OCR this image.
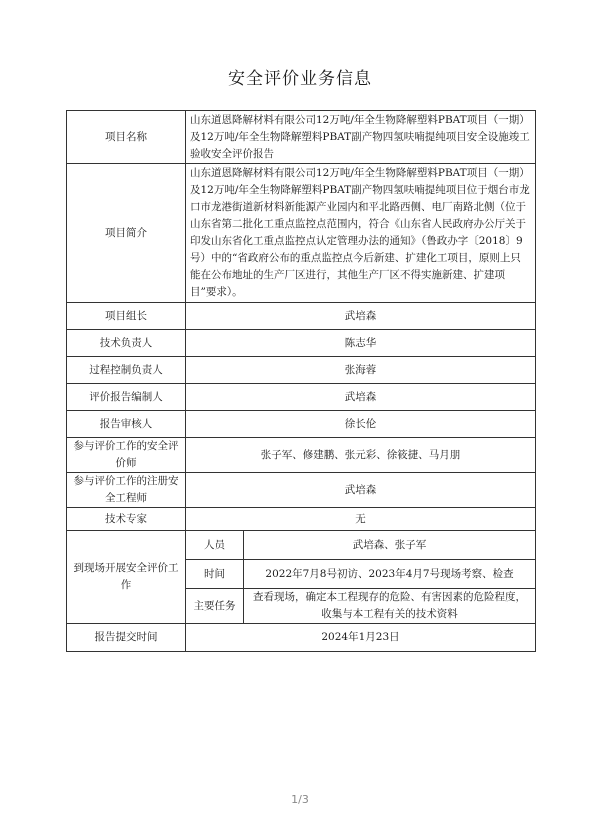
安全评价业务信息
项目名称	山东道恩降解材料有限公司12万吨/年全生物降解塑料PBAT项目（一期）及12万吨/年全生物降解塑料PBAT副产物四氢呋喃提纯项目安全设施竣工验收安全评价报告	
项目简介	山东道恩降解材料有限公司12万吨/年全生物降解塑料PBAT项目（一期）及12万吨/年全生物降解塑料PBAT副产物四氢呋喃提纯项目位于烟台市龙口市龙港街道新材料新能源产业园内和平北路西侧、电厂南路北侧（位于山东省第二批化工重点监控点范围内，符合《山东省人民政府办公厅关于印发山东省化工重点监控点认定管理办法的通知》（鲁政办字〔2018〕9号）中的“省政府公布的重点监控点今后新建、扩建化工项目，原则上只能在公布地址的生产厂区进行，其他生产厂区不得实施新建、扩建项目”要求）。	
项目组长	武培森	
技术负责人	陈志华	
过程控制负责人	张海蓉	
评价报告编制人	武培森	
报告审核人	徐长伦	
参与评价工作的安全评价师	张子军、修建鹏、张元彩、徐筱捷、马月朋	
参与评价工作的注册安全工程师	武培森	
技术专家	无	
到现场开展安全评价工作	人员	武培森、张子军
	时间	2022年7月8号初访、2023年4月7号现场考察、检查
	主要任务	查看现场，确定本工程现存的危险、有害因素的危险程度，收集与本工程有关的技术资料
报告提交时间	2024年1月23日	
1/3
